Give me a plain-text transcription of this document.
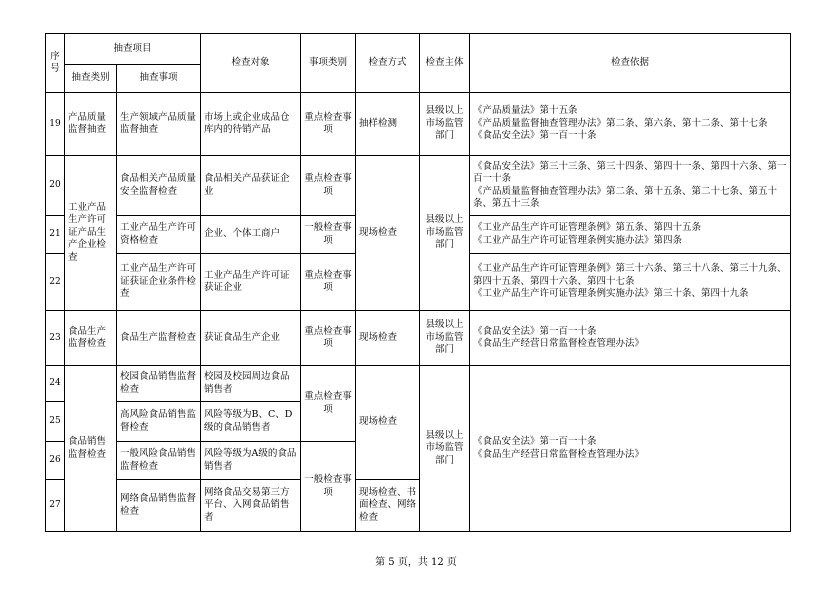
序号	抽查项目		检查对象	事项类别	检查方式	检查主体	检查依据
	抽查类别	抽查事项					
19	产品质量监督抽查	生产领域产品质量监督抽查	市场上或企业成品仓库内的待销产品	重点检查事项	抽样检测	县级以上市场监管部门	《产品质量法》第十五条
《产品质量监督抽查管理办法》第二条、第六条、第十二条、第十七条
《食品安全法》第一百一十条

20	工业产品生产许可证产品生产企业检查	食品相关产品质量安全监督检查	食品相关产品获证企业	重点检查事项	现场检查	县级以上市场监管部门	《食品安全法》第三十三条、第三十四条、第四十一条、第四十六条、第一百一十条
《产品质量监督抽查管理办法》第二条、第十五条、第二十七条、第五十条、第五十三条

21		工业产品生产许可资格检查	企业、个体工商户	一般检查事项			《工业产品生产许可证管理条例》第五条、第四十五条
《工业产品生产许可证管理条例实施办法》第四条

22		工业产品生产许可证获证企业条件检查	工业产品生产许可证获证企业	重点检查事项			《工业产品生产许可证管理条例》第三十六条、第三十八条、第三十九条、第四十五条、第四十六条、第四十七条
《工业产品生产许可证管理条例实施办法》第三十条、第四十九条

23	食品生产监督检查	食品生产监督检查	获证食品生产企业	重点检查事项	现场检查	县级以上市场监管部门	《食品安全法》第一百一十条
《食品生产经营日常监督检查管理办法》

24	食品销售监督检查	校园食品销售监督检查	校园及校园周边食品销售者	重点检查事项	现场检查	县级以上市场监管部门	《食品安全法》第一百一十条
《食品生产经营日常监督检查管理办法》

25		高风险食品销售监督检查	风险等级为B、C、D级的食品销售者				
26		一般风险食品销售监督检查	风险等级为A级的食品销售者	一般检查事项			
27		网络食品销售监督检查	网络食品交易第三方平台、入网食品销售者		现场检查、书面检查、网络检查		
第 5 页，共 12 页
